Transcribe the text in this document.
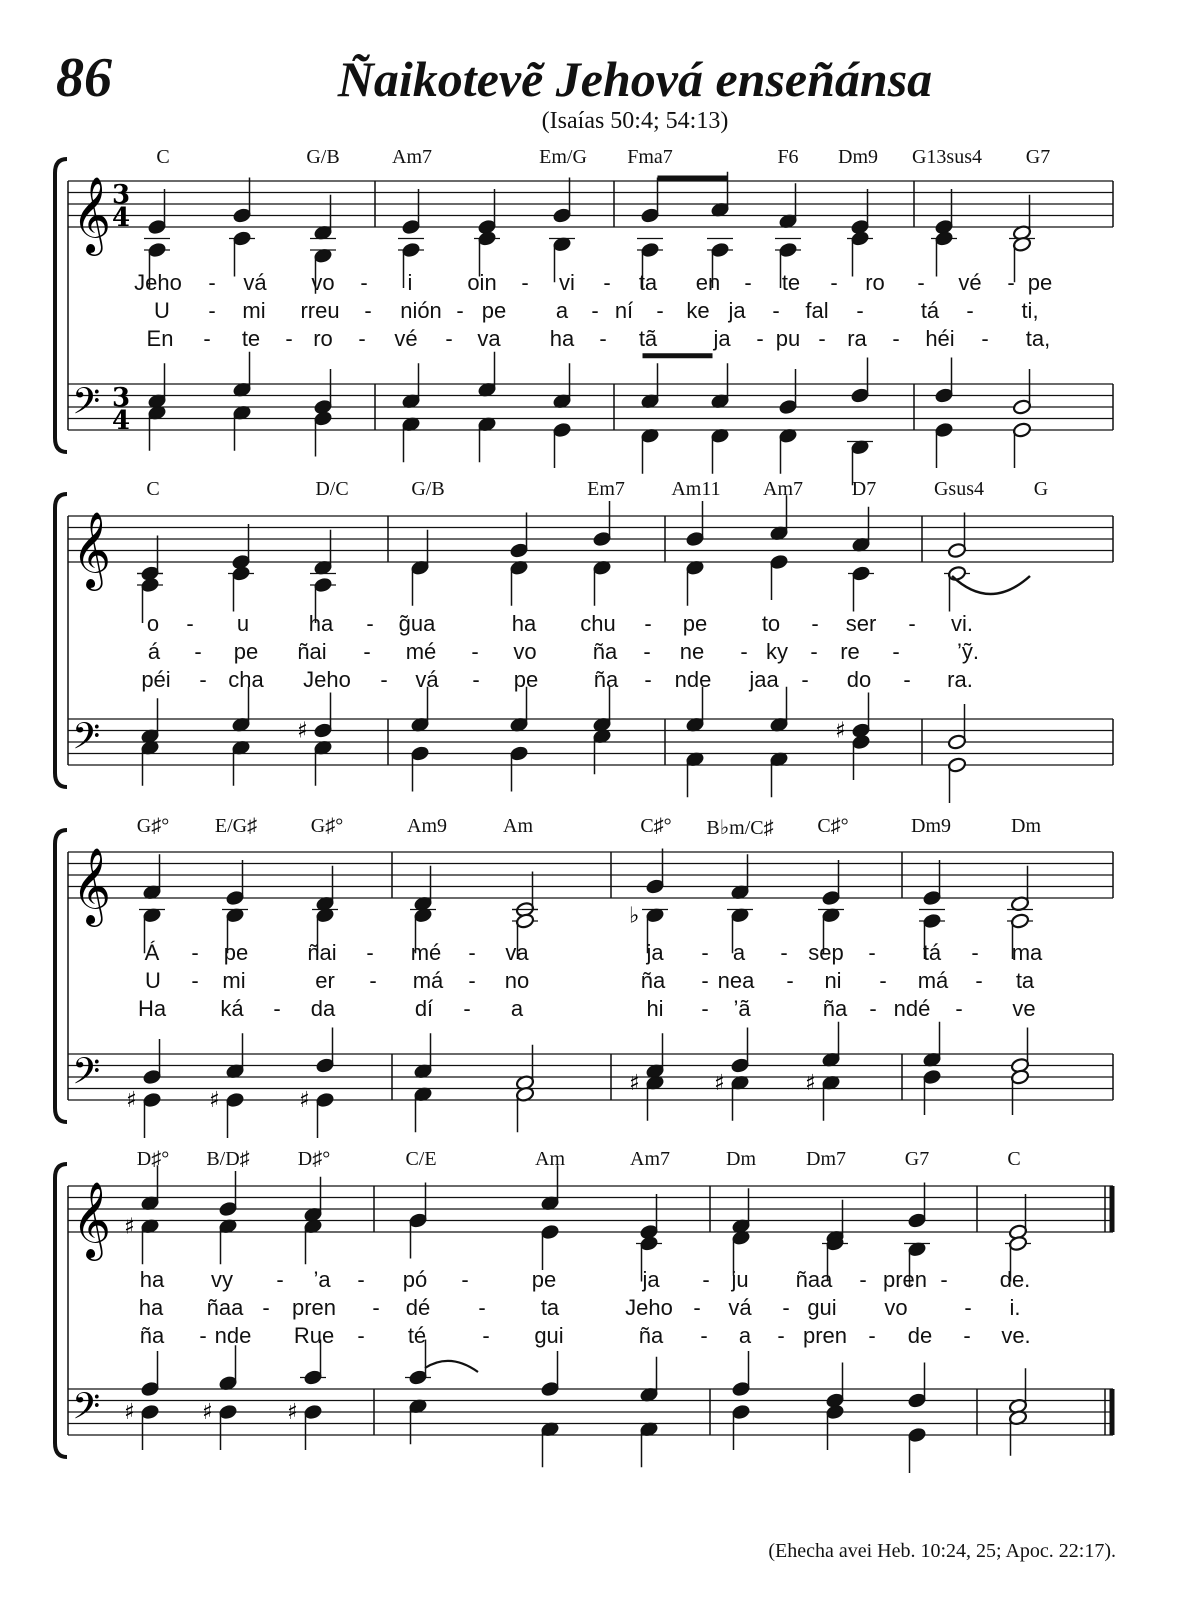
86	Ñaikotevẽ Jehová enseñánsa
(Isaías 50:4; 54:13)
𝄞 3
4
𝄢 3
4
𝄞
𝄢	♯	♯
𝄞
𝄢 ♯	♯	♯
♭
♯	♯	♯
𝄞
𝄢
♯
♯	♯	♯
C	G/B	Am7	Em/G Fma7	F6 Dm9 G13sus4 G7
Jeho - vá vo - i oin - vi - ta en - te - ro - vé - pe
U - mi rreu - nión - pe a - ní - ke ja - fal -	tá - ti,
En - te - ro - vé - va ha - tã	ja - pu - ra - héi - ta,
C	D/C	G/B	Em7 Am11 Am7 D7	Gsus4 G
o - u	ha - g̃ua	ha chu - pe to - ser - vi.
á - pe ñai - mé - vo	ña - ne - ky - re -	’ỹ.
péi - cha Jeho - vá - pe	ña - nde jaa - do - ra.
G♯° E/G♯	G♯°	Am9	Am	C♯° B♭m/C♯ C♯°	Dm9	Dm
Á - pe	ñai - mé - va	ja - a - sep - tá - ma
U - mi	er - má - no	ña - nea - ni - má - ta
Ha ká - da	dí - a	hi - ’ã	ña - ndé - ve
D♯° B/D♯ D♯°	C/E	Am	Am7	Dm	Dm7	G7	C
ha vy - ’a - pó -	pe	ja - ju ñaa - pren - de.
ha ñaa - pren - dé -	ta	Jeho - vá - gui vo	- i.
ña - nde Rue - té	- gui	ña - a - pren - de - ve.
(Ehecha avei Heb. 10:24, 25; Apoc. 22:17).
